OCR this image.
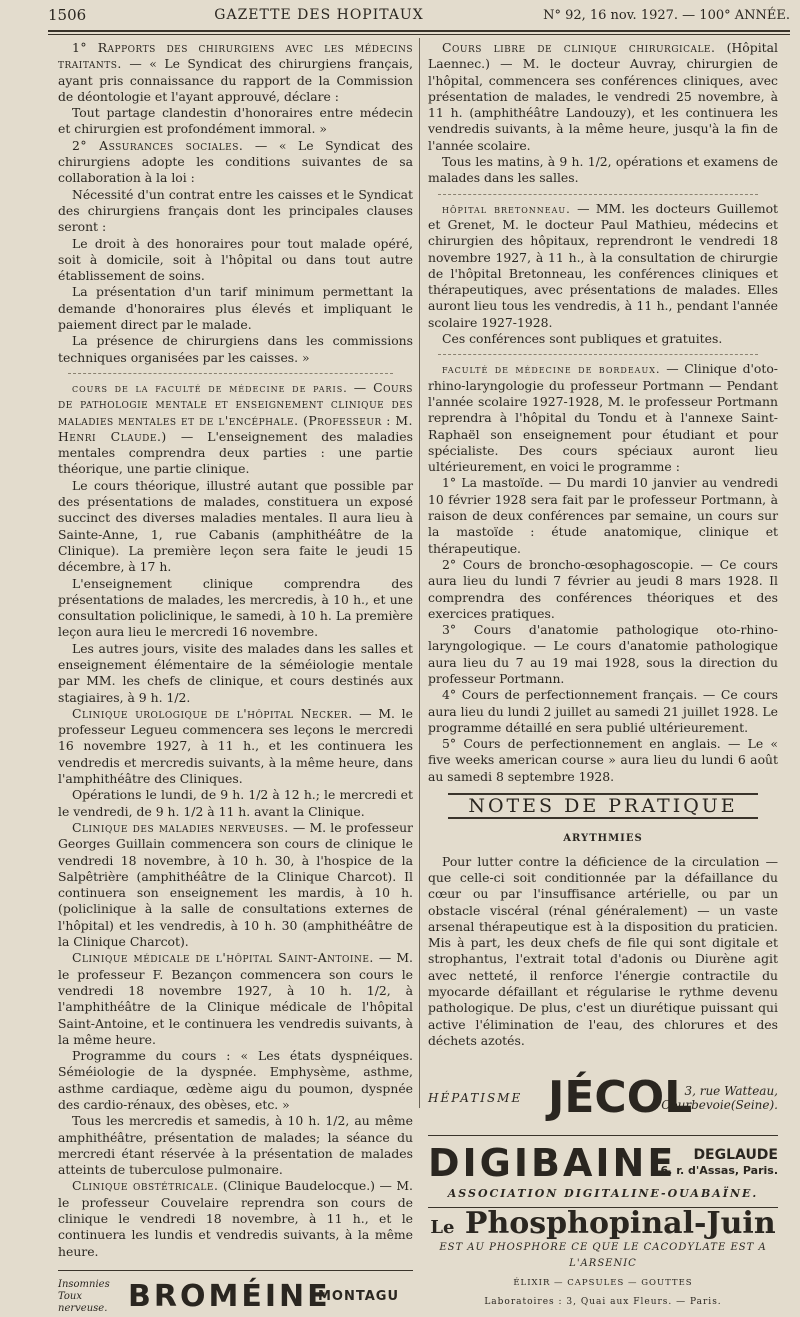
1506	GAZETTE DES HOPITAUX	N° 92, 16 nov. 1927. — 100° ANNÉE.

1° Rapports des chirurgiens avec les médecins traitants. — « Le Syndicat des chirurgiens français, ayant pris connaissance du rapport de la Commission de déontologie et l'ayant approuvé, déclare :

Tout partage clandestin d'honoraires entre médecin et chirurgien est profondément immoral. »

2° Assurances sociales. — « Le Syndicat des chirurgiens adopte les conditions suivantes de sa collaboration à la loi :

Nécessité d'un contrat entre les caisses et le Syndicat des chirurgiens français dont les principales clauses seront :

Le droit à des honoraires pour tout malade opéré, soit à domicile, soit à l'hôpital ou dans tout autre établissement de soins.

La présentation d'un tarif minimum permettant la demande d'honoraires plus élevés et impliquant le paiement direct par le malade.

La présence de chirurgiens dans les commissions techniques organisées par les caisses. »

cours de la faculté de médecine de paris. — Cours de pathologie mentale et enseignement clinique des maladies mentales et de l'encéphale. (Professeur : M. Henri Claude.) — L'enseignement des maladies mentales comprendra deux parties : une partie théorique, une partie clinique.

Le cours théorique, illustré autant que possible par des présentations de malades, constituera un exposé succinct des diverses maladies mentales. Il aura lieu à Sainte-Anne, 1, rue Cabanis (amphithéâtre de la Clinique). La première leçon sera faite le jeudi 15 décembre, à 17 h.

L'enseignement clinique comprendra des présentations de malades, les mercredis, à 10 h., et une consultation policlinique, le samedi, à 10 h. La première leçon aura lieu le mercredi 16 novembre.

Les autres jours, visite des malades dans les salles et enseignement élémentaire de la séméiologie mentale par MM. les chefs de clinique, et cours destinés aux stagiaires, à 9 h. 1/2.

Clinique urologique de l'hôpital Necker. — M. le professeur Legueu commencera ses leçons le mercredi 16 novembre 1927, à 11 h., et les continuera les vendredis et mercredis suivants, à la même heure, dans l'amphithéâtre des Cliniques.

Opérations le lundi, de 9 h. 1/2 à 12 h.; le mercredi et le vendredi, de 9 h. 1/2 à 11 h. avant la Clinique.

Clinique des maladies nerveuses. — M. le professeur Georges Guillain commencera son cours de clinique le vendredi 18 novembre, à 10 h. 30, à l'hospice de la Salpêtrière (amphithéâtre de la Clinique Charcot). Il continuera son enseignement les mardis, à 10 h. (policlinique à la salle de consultations externes de l'hôpital) et les vendredis, à 10 h. 30 (amphithéâtre de la Clinique Charcot).

Clinique médicale de l'hôpital Saint-Antoine. — M. le professeur F. Bezançon commencera son cours le vendredi 18 novembre 1927, à 10 h. 1/2, à l'amphithéâtre de la Clinique médicale de l'hôpital Saint-Antoine, et le continuera les vendredis suivants, à la même heure.

Programme du cours : « Les états dyspnéiques. Séméiologie de la dyspnée. Emphysème, asthme, asthme cardiaque, œdème aigu du poumon, dyspnée des cardio-rénaux, des obèses, etc. »

Tous les mercredis et samedis, à 10 h. 1/2, au même amphithéâtre, présentation de malades; la séance du mercredi étant réservée à la présentation de malades atteints de tuberculose pulmonaire.

Clinique obstétricale. (Clinique Baudelocque.) — M. le professeur Couvelaire reprendra son cours de clinique le vendredi 18 novembre, à 11 h., et le continuera les lundis et vendredis suivants, à la même heure.

Insomnies
Toux nerveuse. BROMÉINE
MONTAGU

Cours libre de clinique chirurgicale. (Hôpital Laennec.) — M. le docteur Auvray, chirurgien de l'hôpital, commencera ses conférences cliniques, avec présentation de malades, le vendredi 25 novembre, à 11 h. (amphithéâtre Landouzy), et les continuera les vendredis suivants, à la même heure, jusqu'à la fin de l'année scolaire.

Tous les matins, à 9 h. 1/2, opérations et examens de malades dans les salles.

hôpital bretonneau. — MM. les docteurs Guillemot et Grenet, M. le docteur Paul Mathieu, médecins et chirurgien des hôpitaux, reprendront le vendredi 18 novembre 1927, à 11 h., à la consultation de chirurgie de l'hôpital Bretonneau, les conférences cliniques et thérapeutiques, avec présentations de malades. Elles auront lieu tous les vendredis, à 11 h., pendant l'année scolaire 1927-1928.

Ces conférences sont publiques et gratuites.

faculté de médecine de bordeaux. — Clinique d'oto-rhino-laryngologie du professeur Portmann — Pendant l'année scolaire 1927-1928, M. le professeur Portmann reprendra à l'hôpital du Tondu et à l'annexe Saint-Raphaël son enseignement pour étudiant et pour spécialiste. Des cours spéciaux auront lieu ultérieurement, en voici le programme :

1° La mastoïde. — Du mardi 10 janvier au vendredi 10 février 1928 sera fait par le professeur Portmann, à raison de deux conférences par semaine, un cours sur la mastoïde : étude anatomique, clinique et thérapeutique.

2° Cours de broncho-œsophagoscopie. — Ce cours aura lieu du lundi 7 février au jeudi 8 mars 1928. Il comprendra des conférences théoriques et des exercices pratiques.

3° Cours d'anatomie pathologique oto-rhino-laryngologique. — Le cours d'anatomie pathologique aura lieu du 7 au 19 mai 1928, sous la direction du professeur Portmann.

4° Cours de perfectionnement français. — Ce cours aura lieu du lundi 2 juillet au samedi 21 juillet 1928. Le programme détaillé en sera publié ultérieurement.

5° Cours de perfectionnement en anglais. — Le « five weeks american course » aura lieu du lundi 6 août au samedi 8 septembre 1928.

NOTES DE PRATIQUE
ARYTHMIES

Pour lutter contre la déficience de la circulation — que celle-ci soit conditionnée par la défaillance du cœur ou par l'insuffisance artérielle, ou par un obstacle viscéral (rénal généralement) — un vaste arsenal thérapeutique est à la disposition du praticien. Mis à part, les deux chefs de file qui sont digitale et strophantus, l'extrait total d'adonis ou Diurène agit avec netteté, il renforce l'énergie contractile du myocarde défaillant et régularise le rythme devenu pathologique. De plus, c'est un diurétique puissant qui active l'élimination de l'eau, des chlorures et des déchets azotés.

HÉPATISME JÉCOL
3, rue Watteau,
Courbevoie(Seine).
DIGIBAINE	DEGLAUDE
6, r. d'Assas, Paris.
ASSOCIATION DIGITALINE-OUABAÏNE.
Le Phosphopinal-Juin
EST AU PHOSPHORE CE QUE LE CACODYLATE EST A L'ARSENIC
ÉLIXIR — CAPSULES — GOUTTES
Laboratoires : 3, Quai aux Fleurs. — Paris.
